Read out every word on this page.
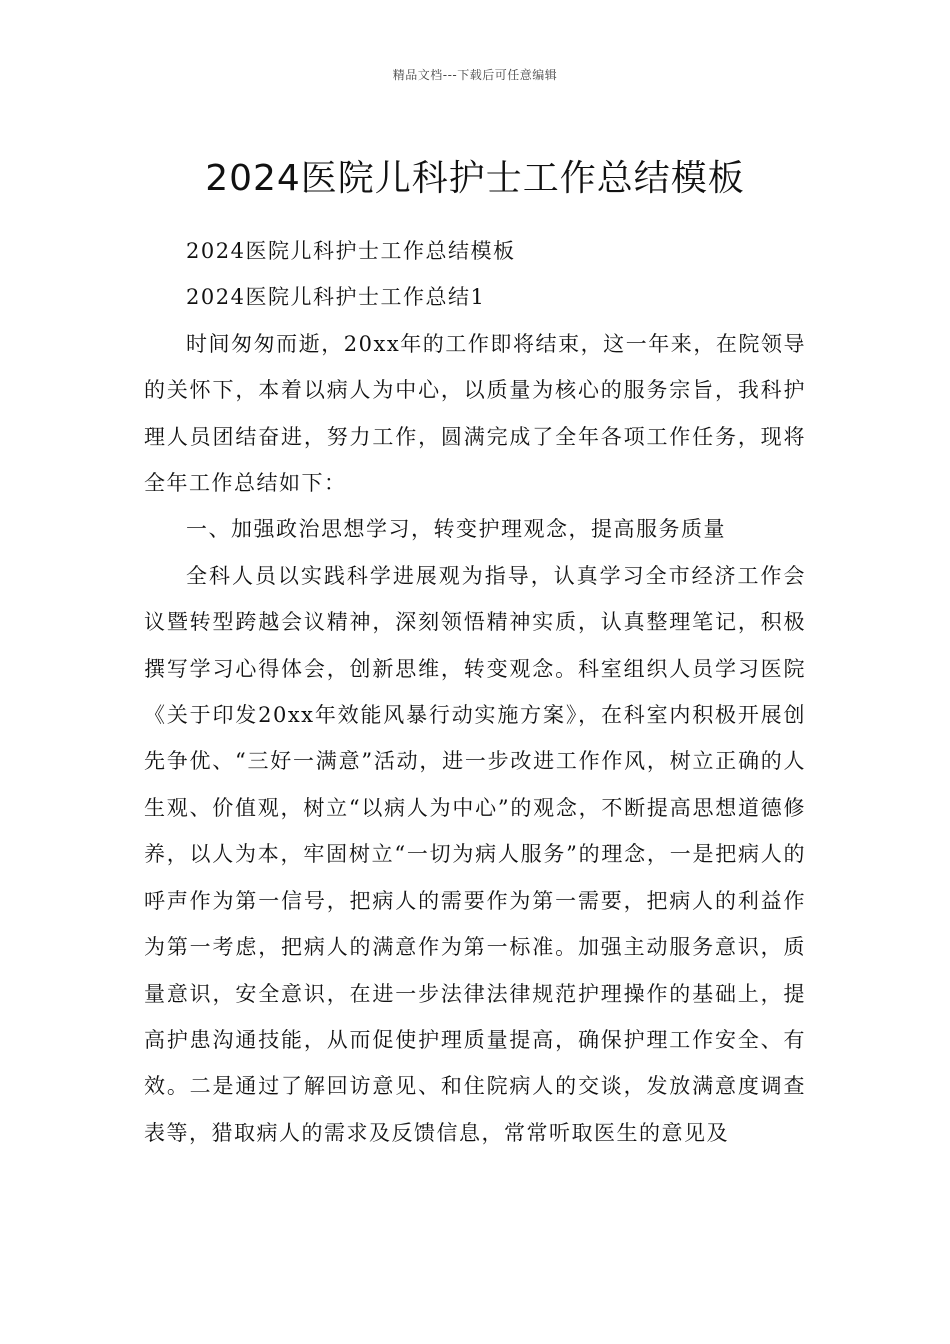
精品文档---下载后可任意编辑
2024医院儿科护士工作总结模板

2024医院儿科护士工作总结模板

2024医院儿科护士工作总结1

时间匆匆而逝，20xx年的工作即将结束，这一年来，在院领导的关怀下，本着以病人为中心，以质量为核心的服务宗旨，我科护理人员团结奋进，努力工作，圆满完成了全年各项工作任务，现将全年工作总结如下：

一、加强政治思想学习，转变护理观念，提高服务质量

全科人员以实践科学进展观为指导，认真学习全市经济工作会议暨转型跨越会议精神，深刻领悟精神实质，认真整理笔记，积极撰写学习心得体会，创新思维，转变观念。科室组织人员学习医院《关于印发20xx年效能风暴行动实施方案》，在科室内积极开展创先争优、“三好一满意”活动，进一步改进工作作风，树立正确的人生观、价值观，树立“以病人为中心”的观念，不断提高思想道德修养，以人为本，牢固树立“一切为病人服务”的理念，一是把病人的呼声作为第一信号，把病人的需要作为第一需要，把病人的利益作为第一考虑，把病人的满意作为第一标准。加强主动服务意识，质量意识，安全意识，在进一步法律法律规范护理操作的基础上，提高护患沟通技能，从而促使护理质量提高，确保护理工作安全、有效。二是通过了解回访意见、和住院病人的交谈，发放满意度调查表等，猎取病人的需求及反馈信息，常常听取医生的意见及
